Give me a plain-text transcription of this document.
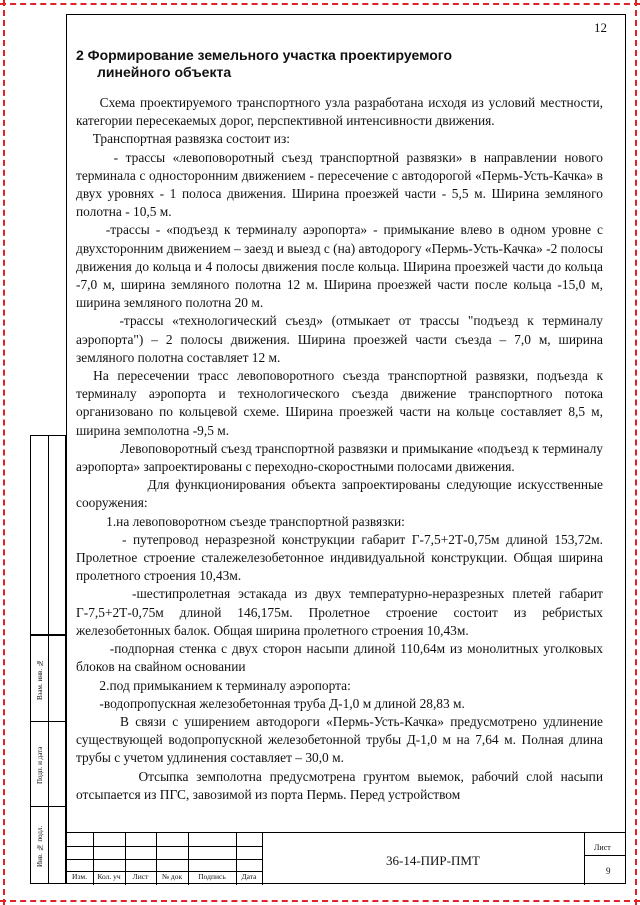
Взам. инв. №
Подп. и дата
Инв. № подл.
12
2 Формирование земельного участка проектируемого
линейного объекта

Схема проектируемого транспортного узла разработана исходя из условий местности, категории пересекаемых дорог, перспективной интенсивности движения.

Транспортная развязка состоит из:

- трассы «левоповоротный съезд транспортной развязки» в направлении нового терминала с односторонним движением - пересечение с автодорогой «Пермь-Усть-Качка» в двух уровнях - 1 полоса движения. Ширина проезжей части - 5,5 м. Ширина земляного полотна - 10,5 м.

-трассы - «подъезд к терминалу аэропорта» - примыкание влево в одном уровне с двухсторонним движением – заезд и выезд с (на) автодорогу «Пермь-Усть-Качка» -2 полосы движения до кольца и 4 полосы движения после кольца. Ширина проезжей части до кольца -7,0 м, ширина земляного полотна 12 м. Ширина проезжей части после кольца -15,0 м, ширина земляного полотна 20 м.

-трассы «технологический съезд» (отмыкает от трассы "подъезд к терминалу аэропорта") – 2 полосы движения. Ширина проезжей части съезда – 7,0 м, ширина земляного полотна составляет 12 м.

На пересечении трасс левоповоротного съезда транспортной развязки, подъезда к терминалу аэропорта и технологического съезда движение транспортного потока организовано по кольцевой схеме. Ширина проезжей части на кольце составляет 8,5 м, ширина земполотна -9,5 м.

Левоповоротный съезд транспортной развязки и примыкание «подъезд к терминалу аэропорта» запроектированы с переходно-скоростными полосами движения.

Для функционирования объекта запроектированы следующие искусственные сооружения:

1.на левоповоротном съезде транспортной развязки:

- путепровод неразрезной конструкции габарит Г-7,5+2Т-0,75м длиной 153,72м. Пролетное строение сталежелезобетонное индивидуальной конструкции. Общая ширина пролетного строения 10,43м.

-шестипролетная эстакада из двух температурно-неразрезных плетей габарит Г-7,5+2Т-0,75м длиной 146,175м. Пролетное строение состоит из ребристых железобетонных балок. Общая ширина пролетного строения 10,43м.

-подпорная стенка с двух сторон насыпи длиной 110,64м из монолитных уголковых блоков на свайном основании

2.под примыканием к терминалу аэропорта:

-водопропускная железобетонная труба Д-1,0 м длиной 28,83 м.

В связи с уширением автодороги «Пермь-Усть-Качка» предусмотрено удлинение существующей водопропускной железобетонной трубы Д-1,0 м на 7,64 м. Полная длина трубы с учетом удлинения составляет – 30,0 м.

Отсыпка земполотна предусмотрена грунтом выемок, рабочий слой насыпи отсыпается из ПГС, завозимой из порта Пермь. Перед устройством

Изм.	Кол. уч	Лист	№ док	Подпись	Дата
36-14-ПИР-ПМТ
Лист
9
